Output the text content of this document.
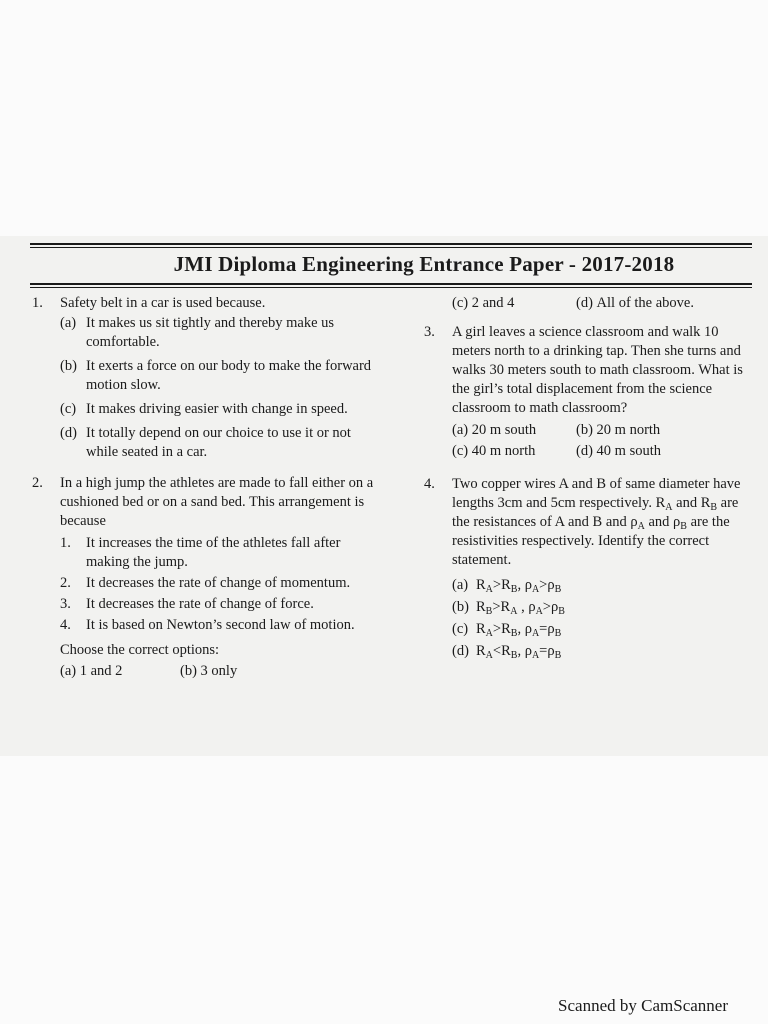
JMI Diploma Engineering Entrance Paper - 2017-2018
1.	Safety belt in a car is used because.
(a) It makes us sit tightly and thereby make us comfortable.
(b) It exerts a force on our body to make the forward motion slow.
(c) It makes driving easier with change in speed.
(d) It totally depend on our choice to use it or not while seated in a car.
2.	In a high jump the athletes are made to fall either on a cushioned bed or on a sand bed. This arrangement is because
1. It increases the time of the athletes fall after making the jump.
2. It decreases the rate of change of momentum.
3. It decreases the rate of change of force.
4. It is based on Newton’s second law of motion.
Choose the correct options:
(a) 1 and 2	(b) 3 only
(c) 2 and 4	(d) All of the above.
3.	A girl leaves a science classroom and walk 10 meters north to a drinking tap. Then she turns and walks 30 meters south to math classroom. What is the girl’s total displacement from the science classroom to math classroom?
(a) 20 m south	(b) 20 m north
(c) 40 m north	(d) 40 m south
4.	Two copper wires A and B of same diameter have lengths 3cm and 5cm respectively. $R_A$ and $R_B$ are the resistances of A and B and $\rho_A$ and $\rho_B$ are the resistivities respectively. Identify the correct statement.
(a) $R_A>R_B$, $\rho_A>\rho_B$
(b) $R_B>R_A$ , $\rho_A>\rho_B$
(c) $R_A>R_B$, $\rho_A=\rho_B$
(d) $R_A<R_B$, $\rho_A=\rho_B$
Scanned by CamScanner
